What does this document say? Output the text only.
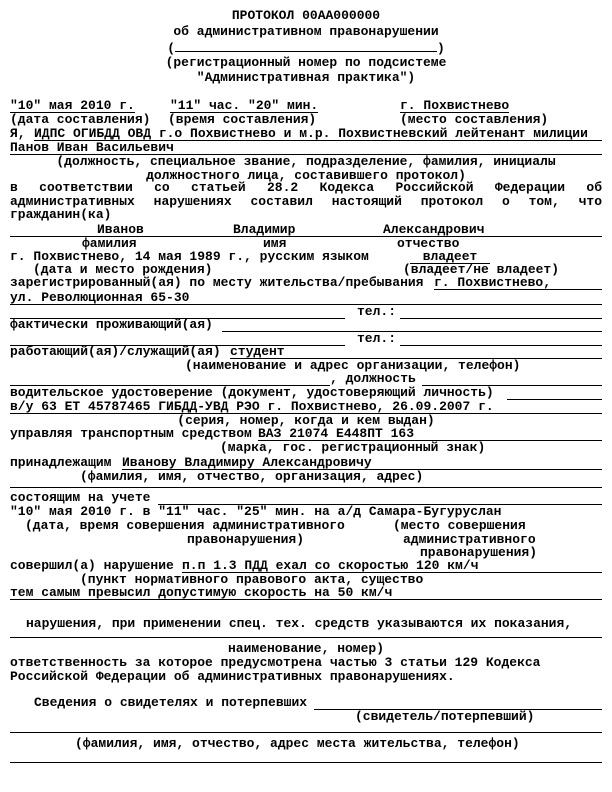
ПРОТОКОЛ 00АА000000
об административном правонарушении
(	)
(регистрационный номер по подсистеме
"Административная практика")
"10" мая 2010 г.	"11" час. "20" мин.	г. Похвистнево
(дата составления) (время составления)	(место составления)
Я, ИДПС ОГИБДД ОВД г.о Похвистнево и м.р. Похвистневский лейтенант милиции
Панов Иван Васильевич
(должность, специальное звание, подразделение, фамилия, инициалы
должностного лица, составившего протокол)
в соответствии со статьей 28.2 Кодекса Российской Федерации об
административных нарушениях составил настоящий протокол о том, что
гражданин(ка)
Иванов	Владимир	Александрович
фамилия	имя	отчество
г. Похвистнево, 14 мая 1989 г., русским языком	владеет
(дата и место рождения)	(владеет/не владеет)
зарегистрированный(ая) по месту жительства/пребывания г. Похвистнево,
ул. Революционная 65-30
тел.:
фактически проживающий(ая)
тел.:
работающий(ая)/служащий(ая) студент
(наименование и адрес организации, телефон)
, должность
водительское удостоверение (документ, удостоверяющий личность)
в/у 63 ЕТ 45787465 ГИБДД-УВД РЭО г. Похвистнево, 26.09.2007 г.
(серия, номер, когда и кем выдан)
управляя транспортным средством ВАЗ 21074 Е448ПТ 163
(марка, гос. регистрационный знак)
принадлежащим Иванову Владимиру Александровичу
(фамилия, имя, отчество, организация, адрес)
состоящим на учете
"10" мая 2010 г. в "11" час. "25" мин. на а/д Самара-Бугуруслан
(дата, время совершения административного	(место совершения
правонарушения)	административного
правонарушения)
совершил(а) нарушение п.п 1.3 ПДД ехал со скоростью 120 км/ч
(пункт нормативного правового акта, существо
тем самым превысил допустимую скорость на 50 км/ч
нарушения, при применении спец. тех. средств указываются их показания,
наименование, номер)
ответственность за которое предусмотрена частью 3 статьи 129 Кодекса
Российской Федерации об административных правонарушениях.
Сведения о свидетелях и потерпевших
(свидетель/потерпевший)
(фамилия, имя, отчество, адрес места жительства, телефон)
